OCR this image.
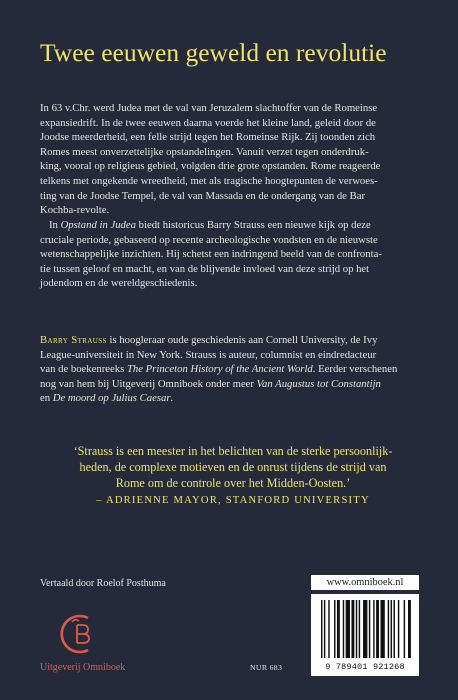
Twee eeuwen geweld en revolutie

In 63 v.Chr. werd Judea met de val van Jeruzalem slachtoffer van de Romeinse
expansiedrift. In de twee eeuwen daarna voerde het kleine land, geleid door de
Joodse meerderheid, een felle strijd tegen het Romeinse Rijk. Zij toonden zich
Romes meest onverzettelijke opstandelingen. Vanuit verzet tegen onderdruk-
king, vooral op religieus gebied, volgden drie grote opstanden. Rome reageerde
telkens met ongekende wreedheid, met als tragische hoogtepunten de verwoes-
ting van de Joodse Tempel, de val van Massada en de ondergang van de Bar
Kochba-revolte.

In Opstand in Judea biedt historicus Barry Strauss een nieuwe kijk op deze
cruciale periode, gebaseerd op recente archeologische vondsten en de nieuwste
wetenschappelijke inzichten. Hij schetst een indringend beeld van de confronta-
tie tussen geloof en macht, en van de blijvende invloed van deze strijd op het
jodendom en de wereldgeschiedenis.

Barry Strauss is hoogleraar oude geschiedenis aan Cornell University, de Ivy
League-universiteit in New York. Strauss is auteur, columnist en eindredacteur
van de boekenreeks The Princeton History of the Ancient World. Eerder verschenen
nog van hem bij Uitgeverij Omniboek onder meer Van Augustus tot Constantijn
en De moord op Julius Caesar.

‘Strauss is een meester in het belichten van de sterke persoonlijk-
heden, de complexe motieven en de onrust tijdens de strijd van
Rome om de controle over het Midden-Oosten.’
– ADRIENNE MAYOR, STANFORD UNIVERSITY
Vertaald door Roelof Posthuma
Uitgeverij Omniboek
www.omniboek.nl
9 789401 921268
NUR 683
